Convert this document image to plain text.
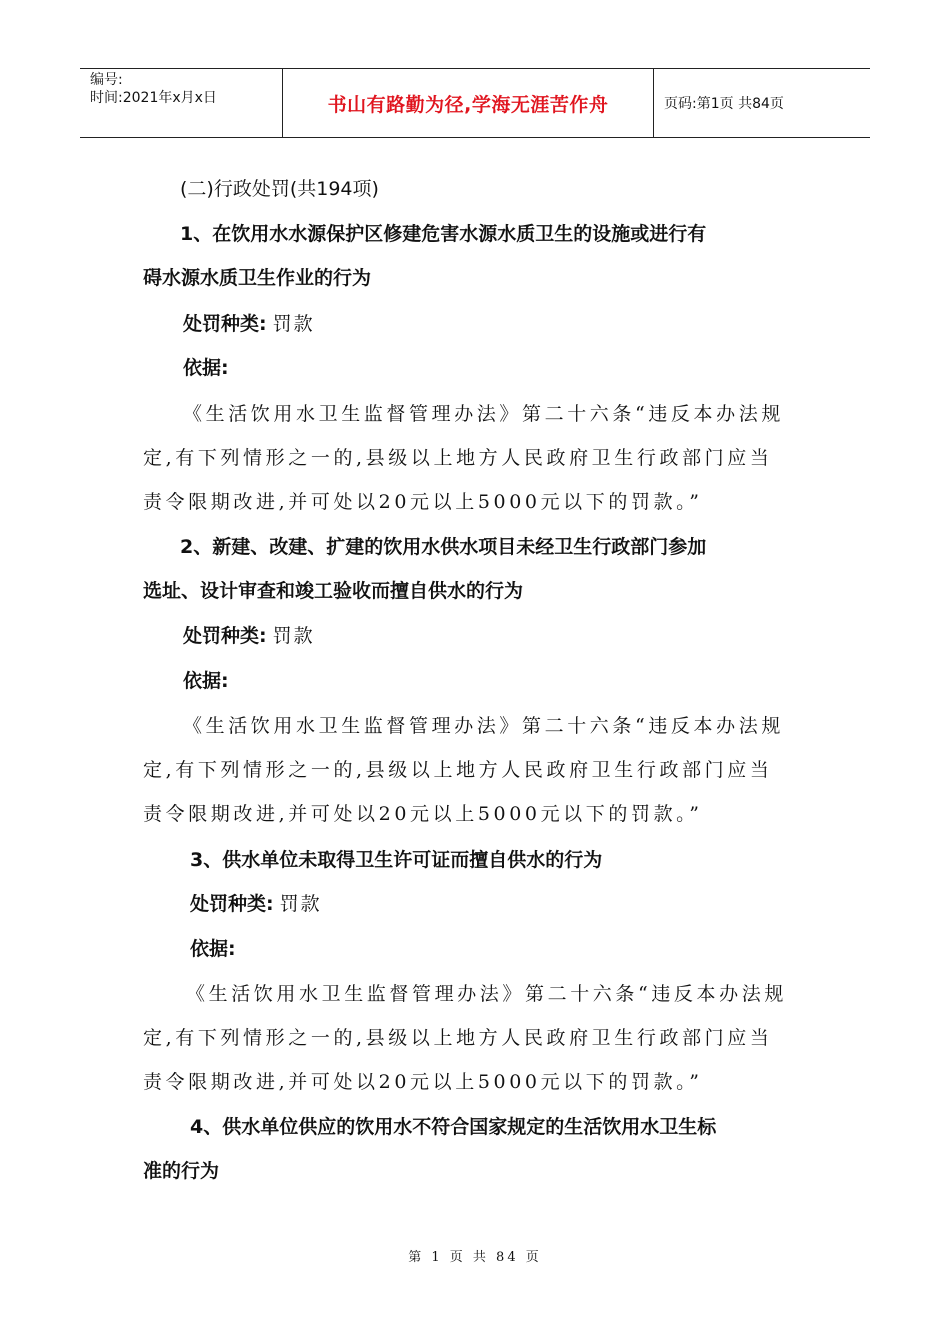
编号:
时间:2021年x月x日	书山有路勤为径,学海无涯苦作舟	页码:第1页 共84页
(二)行政处罚(共194项)
1、在饮用水水源保护区修建危害水源水质卫生的设施或进行有
碍水源水质卫生作业的行为
处罚种类: 罚款
依据:
《生活饮用水卫生监督管理办法》第二十六条“违反本办法规
定,有下列情形之一的,县级以上地方人民政府卫生行政部门应当
责令限期改进,并可处以20元以上5000元以下的罚款。”
2、新建、改建、扩建的饮用水供水项目未经卫生行政部门参加
选址、设计审查和竣工验收而擅自供水的行为
处罚种类: 罚款
依据:
《生活饮用水卫生监督管理办法》第二十六条“违反本办法规
定,有下列情形之一的,县级以上地方人民政府卫生行政部门应当
责令限期改进,并可处以20元以上5000元以下的罚款。”
3、供水单位未取得卫生许可证而擅自供水的行为
处罚种类: 罚款
依据:
《生活饮用水卫生监督管理办法》第二十六条“违反本办法规
定,有下列情形之一的,县级以上地方人民政府卫生行政部门应当
责令限期改进,并可处以20元以上5000元以下的罚款。”
4、供水单位供应的饮用水不符合国家规定的生活饮用水卫生标
准的行为
第 1 页 共 84 页
